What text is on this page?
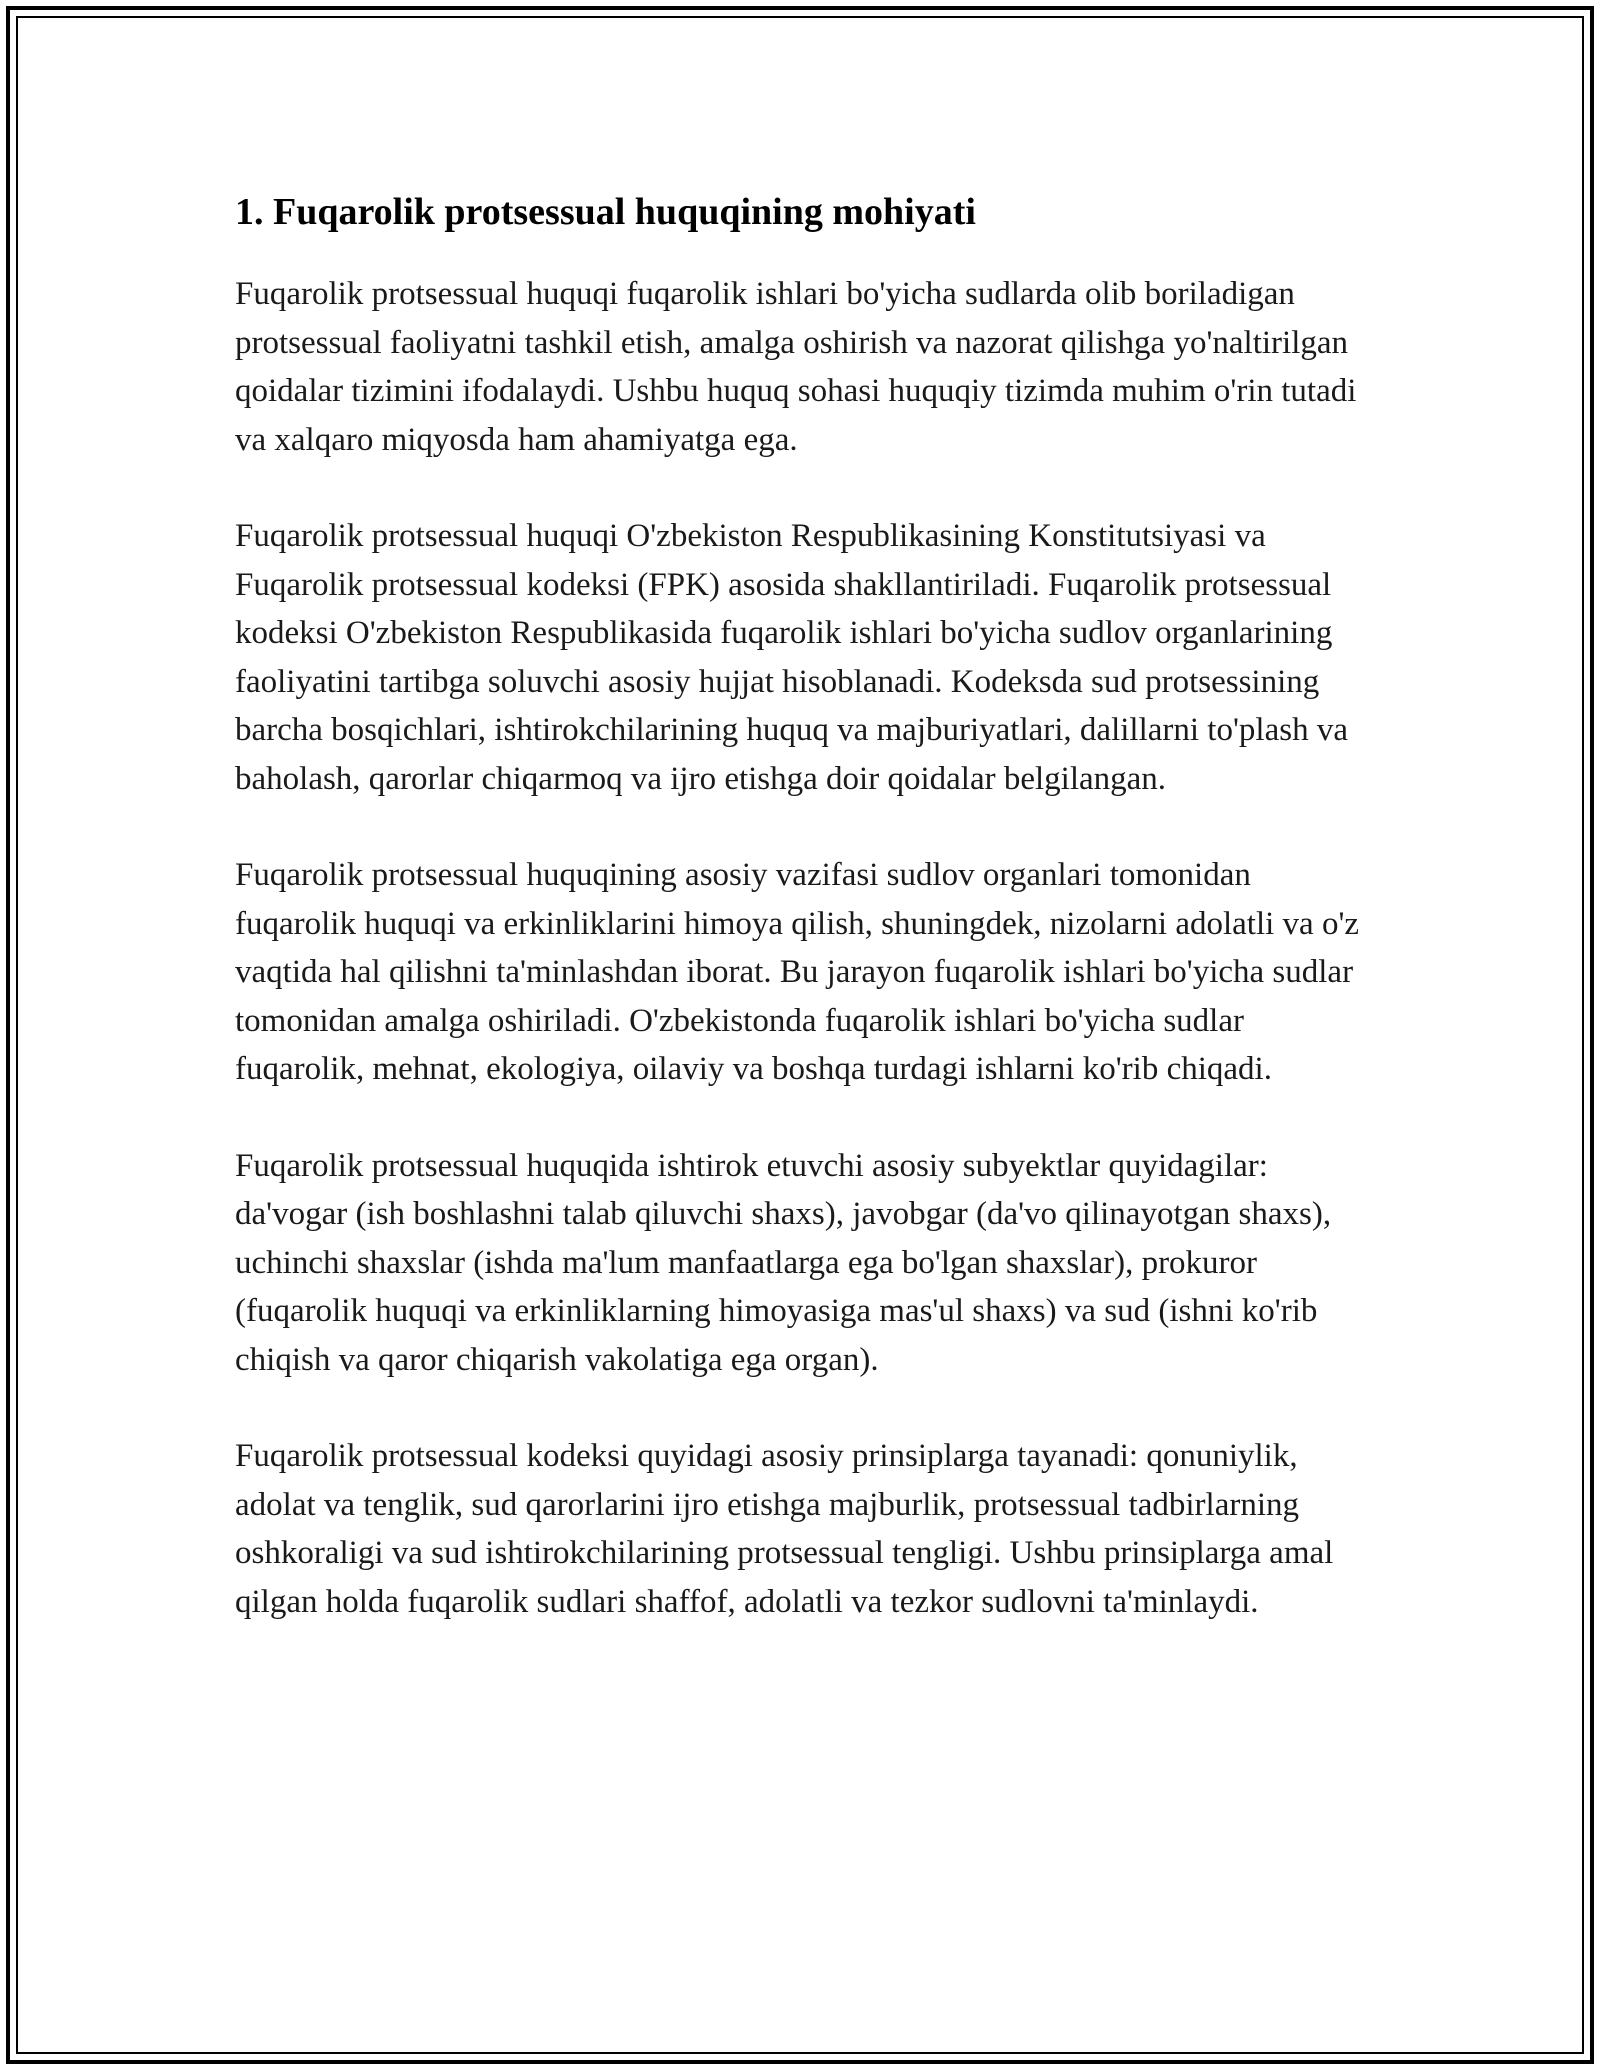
1. Fuqarolik protsessual huquqining mohiyati

Fuqarolik protsessual huquqi fuqarolik ishlari bo'yicha sudlarda olib boriladigan protsessual faoliyatni tashkil etish, amalga oshirish va nazorat qilishga yo'naltirilgan qoidalar tizimini ifodalaydi. Ushbu huquq sohasi huquqiy tizimda muhim o'rin tutadi va xalqaro miqyosda ham ahamiyatga ega.

Fuqarolik protsessual huquqi O'zbekiston Respublikasining Konstitutsiyasi va Fuqarolik protsessual kodeksi (FPK) asosida shakllantiriladi. Fuqarolik protsessual kodeksi O'zbekiston Respublikasida fuqarolik ishlari bo'yicha sudlov organlarining faoliyatini tartibga soluvchi asosiy hujjat hisoblanadi. Kodeksda sud protsessining barcha bosqichlari, ishtirokchilarining huquq va majburiyatlari, dalillarni to'plash va baholash, qarorlar chiqarmoq va ijro etishga doir qoidalar belgilangan.

Fuqarolik protsessual huquqining asosiy vazifasi sudlov organlari tomonidan fuqarolik huquqi va erkinliklarini himoya qilish, shuningdek, nizolarni adolatli va o'z vaqtida hal qilishni ta'minlashdan iborat. Bu jarayon fuqarolik ishlari bo'yicha sudlar tomonidan amalga oshiriladi. O'zbekistonda fuqarolik ishlari bo'yicha sudlar fuqarolik, mehnat, ekologiya, oilaviy va boshqa turdagi ishlarni ko'rib chiqadi.

Fuqarolik protsessual huquqida ishtirok etuvchi asosiy subyektlar quyidagilar: da'vogar (ish boshlashni talab qiluvchi shaxs), javobgar (da'vo qilinayotgan shaxs), uchinchi shaxslar (ishda ma'lum manfaatlarga ega bo'lgan shaxslar), prokuror (fuqarolik huquqi va erkinliklarning himoyasiga mas'ul shaxs) va sud (ishni ko'rib chiqish va qaror chiqarish vakolatiga ega organ).

Fuqarolik protsessual kodeksi quyidagi asosiy prinsiplarga tayanadi: qonuniylik, adolat va tenglik, sud qarorlarini ijro etishga majburlik, protsessual tadbirlarning oshkoraligi va sud ishtirokchilarining protsessual tengligi. Ushbu prinsiplarga amal qilgan holda fuqarolik sudlari shaffof, adolatli va tezkor sudlovni ta'minlaydi.
